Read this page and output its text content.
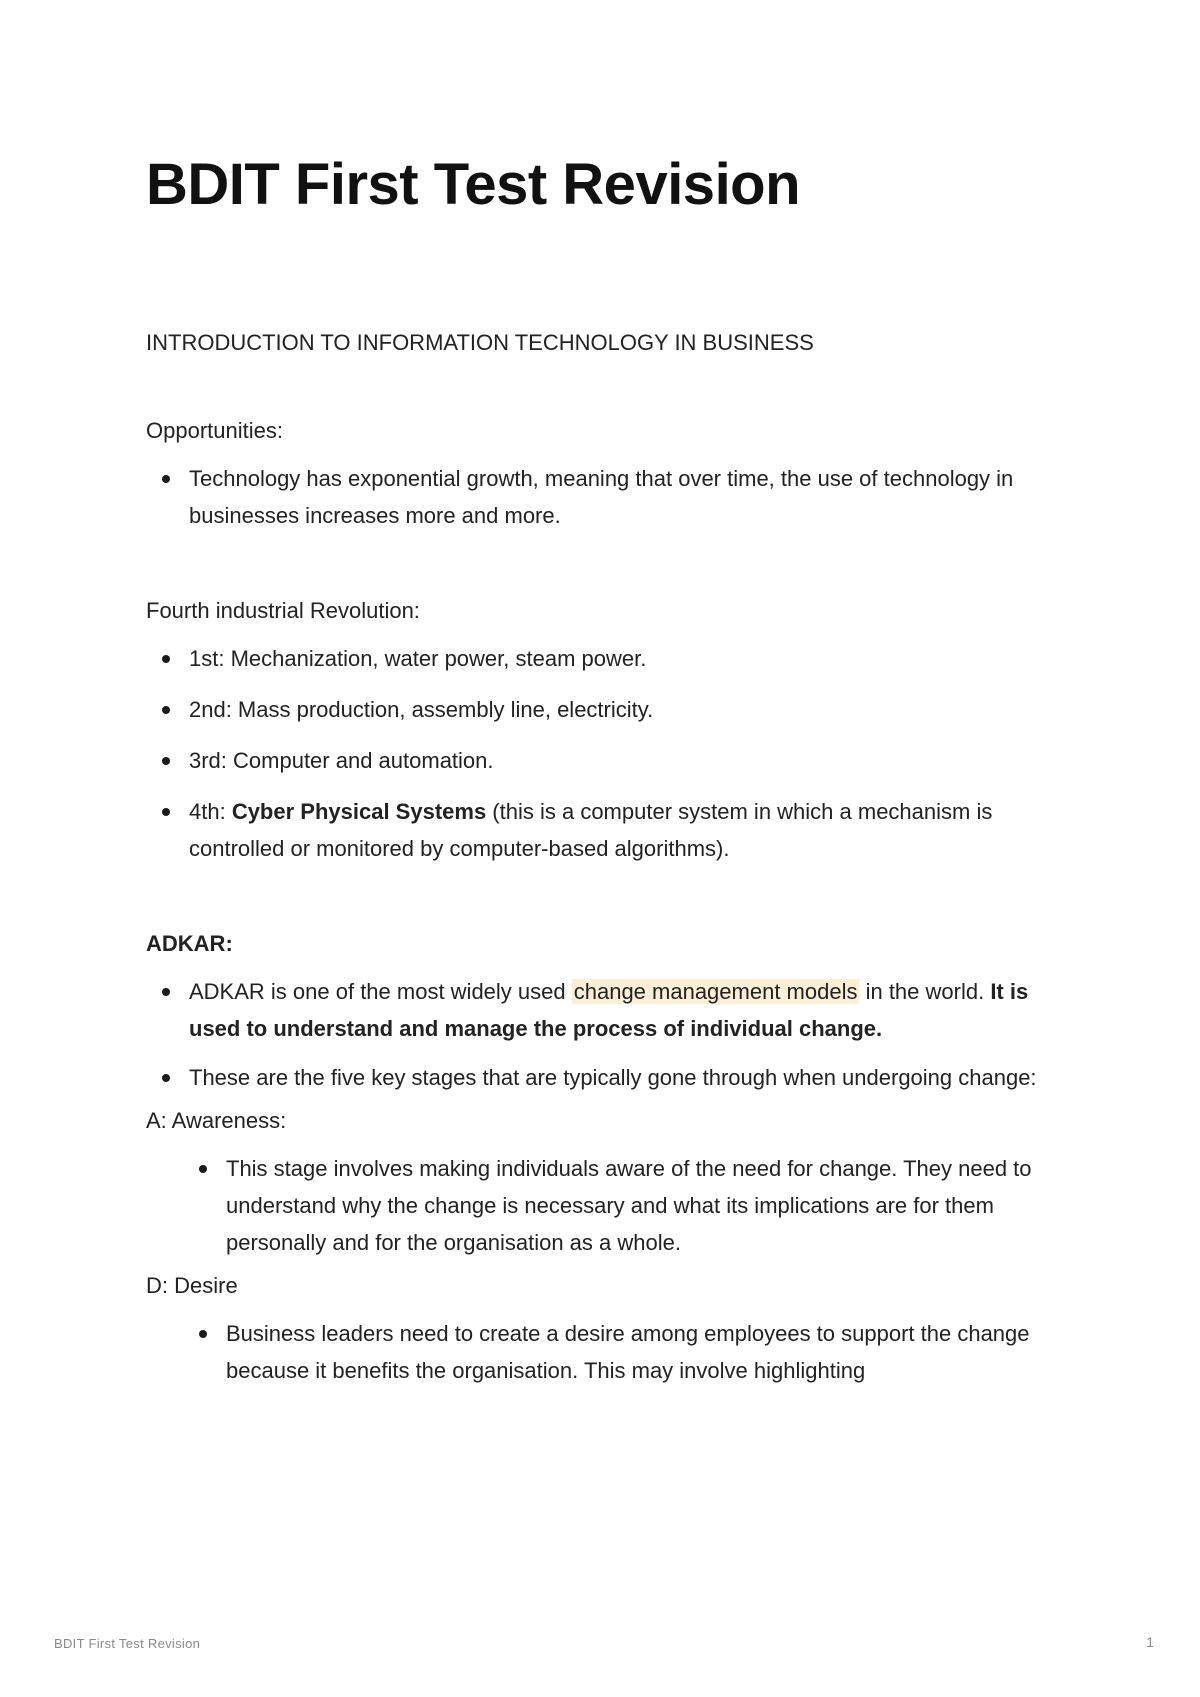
BDIT First Test Revision

INTRODUCTION TO INFORMATION TECHNOLOGY IN BUSINESS

Opportunities:

Technology has exponential growth, meaning that over time, the use of technology in businesses increases more and more.

Fourth industrial Revolution:

1st: Mechanization, water power, steam power.
2nd: Mass production, assembly line, electricity.
3rd: Computer and automation.
4th: Cyber Physical Systems (this is a computer system in which a mechanism is controlled or monitored by computer-based algorithms).

ADKAR:

ADKAR is one of the most widely used change management models in the world. It is used to understand and manage the process of individual change.
These are the five key stages that are typically gone through when undergoing change:

A: Awareness:

This stage involves making individuals aware of the need for change. They need to understand why the change is necessary and what its implications are for them personally and for the organisation as a whole.

D: Desire

Business leaders need to create a desire among employees to support the change because it benefits the organisation. This may involve highlighting
BDIT First Test Revision	1
